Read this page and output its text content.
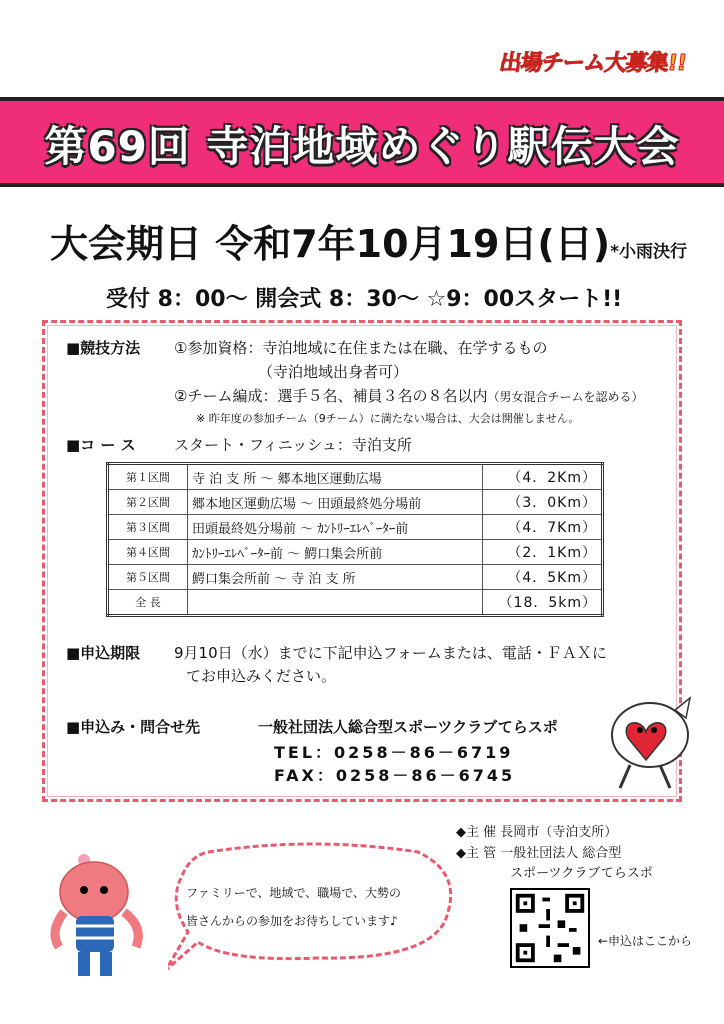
出場チーム大募集!!
第69回 寺泊地域めぐり駅伝大会
大会期日 令和7年10月19日(日)*小雨決行
受付 8：00～ 開会式 8：30～ ☆9：00スタート!!
■競技方法 ①参加資格：寺泊地域に在住または在職、在学するもの
（寺泊地域出身者可）
②チーム編成：選手５名、補員３名の８名以内（男女混合チームを認める）
※ 昨年度の参加チーム（9チーム）に満たない場合は、大会は開催しません。
■コ ー ス	スタート・フィニッシュ：寺泊支所
第１区間	寺 泊 支 所 ～ 郷本地区運動広場	（4．2Km）
第２区間	郷本地区運動広場 ～ 田頭最終処分場前	（3．0Km）
第３区間	田頭最終処分場前 ～ ｶﾝﾄﾘｰｴﾚﾍﾞｰﾀｰ前	（4．7Km）
第４区間	ｶﾝﾄﾘｰｴﾚﾍﾞｰﾀｰ前 ～ 鰐口集会所前	（2．1Km）
第５区間	鰐口集会所前 ～ 寺 泊 支 所	（4．5Km）
全 長		（18．5km）
■申込期限 9月10日（水）までに下記申込フォームまたは、電話・ＦＡＸに
てお申込みください。
■申込み・問合せ先	一般社団法人総合型スポーツクラブてらスポ
TEL：0258－86－6719
FAX：0258－86－6745
◆主 催 長岡市（寺泊支所）
◆主 管 一般社団法人 総合型
スポーツクラブてらスポ
ファミリーで、地域で、職場で、大勢の
皆さんからの参加をお待ちしています♪
←申込はここから
